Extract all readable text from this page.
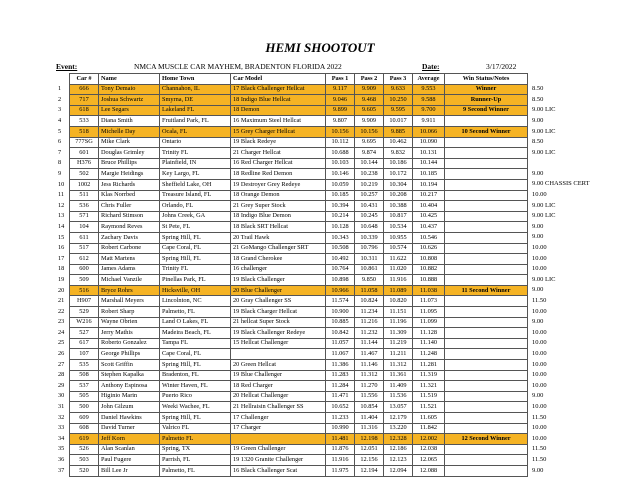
HEMI SHOOTOUT
Event:	NMCA MUSCLE CAR MAYHEM, BRADENTON FLORIDA 2022	Date:	3/17/2022
	Car #	Name	Home Town	Car Model	Pass 1	Pass 2	Pass 3	Average	Win Status/Notes	
1	666	Tony Demaio	Channahon, IL	17 Black Challenger Hellcat	9.117	9.909	9.633	9.553	Winner	8.50
2	717	Joshua Schwartz	Smyrna, DE	18 Indigo Blue Hellcat	9.046	9.468	10.250	9.588	Runner-Up	8.50
3	618	Lee Segars	Lakeland FL	18 Demon	9.899	9.605	9.595	9.700	9 Second Winner	9.00 LIC
4	533	Diana Smith	Fruitland Park, FL	16 Maximum Steel Hellcat	9.807	9.909	10.017	9.911		9.00
5	518	Michelle Day	Ocala, FL	15 Grey Charger Hellcat	10.156	10.156	9.885	10.066	10 Second Winner	9.00 LIC
6	777SG	Mike Clark	Ontario	19 Black Redeye	10.112	9.695	10.462	10.090		8.50
7	601	Douglas Grimley	Trinity FL	21 Charger Hellcat	10.688	9.874	9.832	10.131		9.00 LIC
8	H376	Bruce Phillips	Plainfield, IN	16 Red Charger Hellcat	10.103	10.144	10.186	10.144		
9	502	Margie Heidings	Key Largo, FL	18 Redline Red Demon	10.146	10.238	10.172	10.185		9.00
10	1002	Jess Richards	Sheffield Lake, OH	19 Destroyer Grey Redeye	10.059	10.219	10.304	10.194		9.00 CHASSIS CERT
11	511	Klas Norrbed	Treasure Island, FL	18 Orange Demon	10.185	10.257	10.208	10.217		10.00
12	536	Chris Fuller	Orlando, FL	21 Grey Super Stock	10.394	10.431	10.388	10.404		9.00 LIC
13	571	Richard Stimson	Johns Creek, GA	18 Indigo Blue Demon	10.214	10.245	10.817	10.425		9.00 LIC
14	104	Raymond Reves	St Pete, FL	18 Black SRT Hellcat	10.128	10.648	10.534	10.437		9.00
15	611	Zachary Davis	Spring Hill, FL	20 Trail Hawk	10.343	10.339	10.955	10.546		9.00
16	517	Robert Carbone	Cape Coral, FL	21 GoMango Challenger SRT	10.508	10.796	10.574	10.626		10.00
17	612	Matt Martens	Spring Hill, FL	18 Grand Cherokee	10.492	10.311	11.622	10.808		10.00
18	600	James Adams	Trinity FL	16 challenger	10.764	10.861	11.020	10.882		10.00
19	509	Michael Vanzile	Pinellas Park, FL	19 Black Challenger	10.898	9.850	11.916	10.888		9.00 LIC
20	516	Bryce Rohrs	Hicksville, OH	20 Blue Challenger	10.966	11.058	11.089	11.038	11 Second Winner	9.00
21	H907	Marshall Meyers	Lincolnton, NC	20 Gray Challenger SS	11.574	10.824	10.820	11.073		11.50
22	529	Robert Sharp	Palmetto, FL	19 Black Charger Hellcat	10.900	11.234	11.151	11.095		10.00
23	W216	Wayne Obrien	Land O Lakes, FL	21 hellcat Super Stock	10.885	11.216	11.196	11.099		9.00
24	527	Jerry Mathis	Madeira Beach, FL	19 Black Challenger Redeye	10.842	11.232	11.309	11.128		10.00
25	617	Roberto Gonzalez	Tampa FL	15 Hellcat Challenger	11.057	11.144	11.219	11.140		10.00
26	107	George Phillips	Cape Coral, FL		11.067	11.467	11.211	11.248		10.00
27	535	Scott Griffin	Spring Hill, FL	20 Green Hellcat	11.386	11.146	11.312	11.281		10.00
28	508	Stephen Kapalka	Bradenton, FL	19 Blue Challenger	11.283	11.312	11.361	11.319		10.00
29	537	Anthony Espinosa	Winter Haven, FL	18 Red Charger	11.284	11.270	11.409	11.321		10.00
30	505	Higinio Marin	Puerto Rico	20 Hellcat Challenger	11.471	11.556	11.536	11.519		9.00
31	500	John Gilzum	Weeki Wachee, FL	21 Hellraisin Challenger SS	10.652	10.854	13.057	11.521		10.00
32	609	Daniel Hawkins	Spring Hill, FL	17 Challenger	11.233	11.404	12.179	11.605		11.50
33	608	David Turner	Valrico FL	17 Charger	10.990	11.316	13.220	11.842		10.00
34	619	Jeff Korn	Palmetto FL		11.481	12.198	12.328	12.002	12 Second Winner	10.00
35	526	Alan Scanlan	Spring, TX	19 Green Challenger	11.876	12.051	12.186	12.038		11.50
36	503	Paul Fugere	Parrish, FL	19 1320 Granite Challenger	11.916	12.156	12.123	12.065		11.50
37	520	Bill Lee Jr	Palmetto, FL	16 Black Challenger Scat	11.975	12.194	12.094	12.088		9.00
